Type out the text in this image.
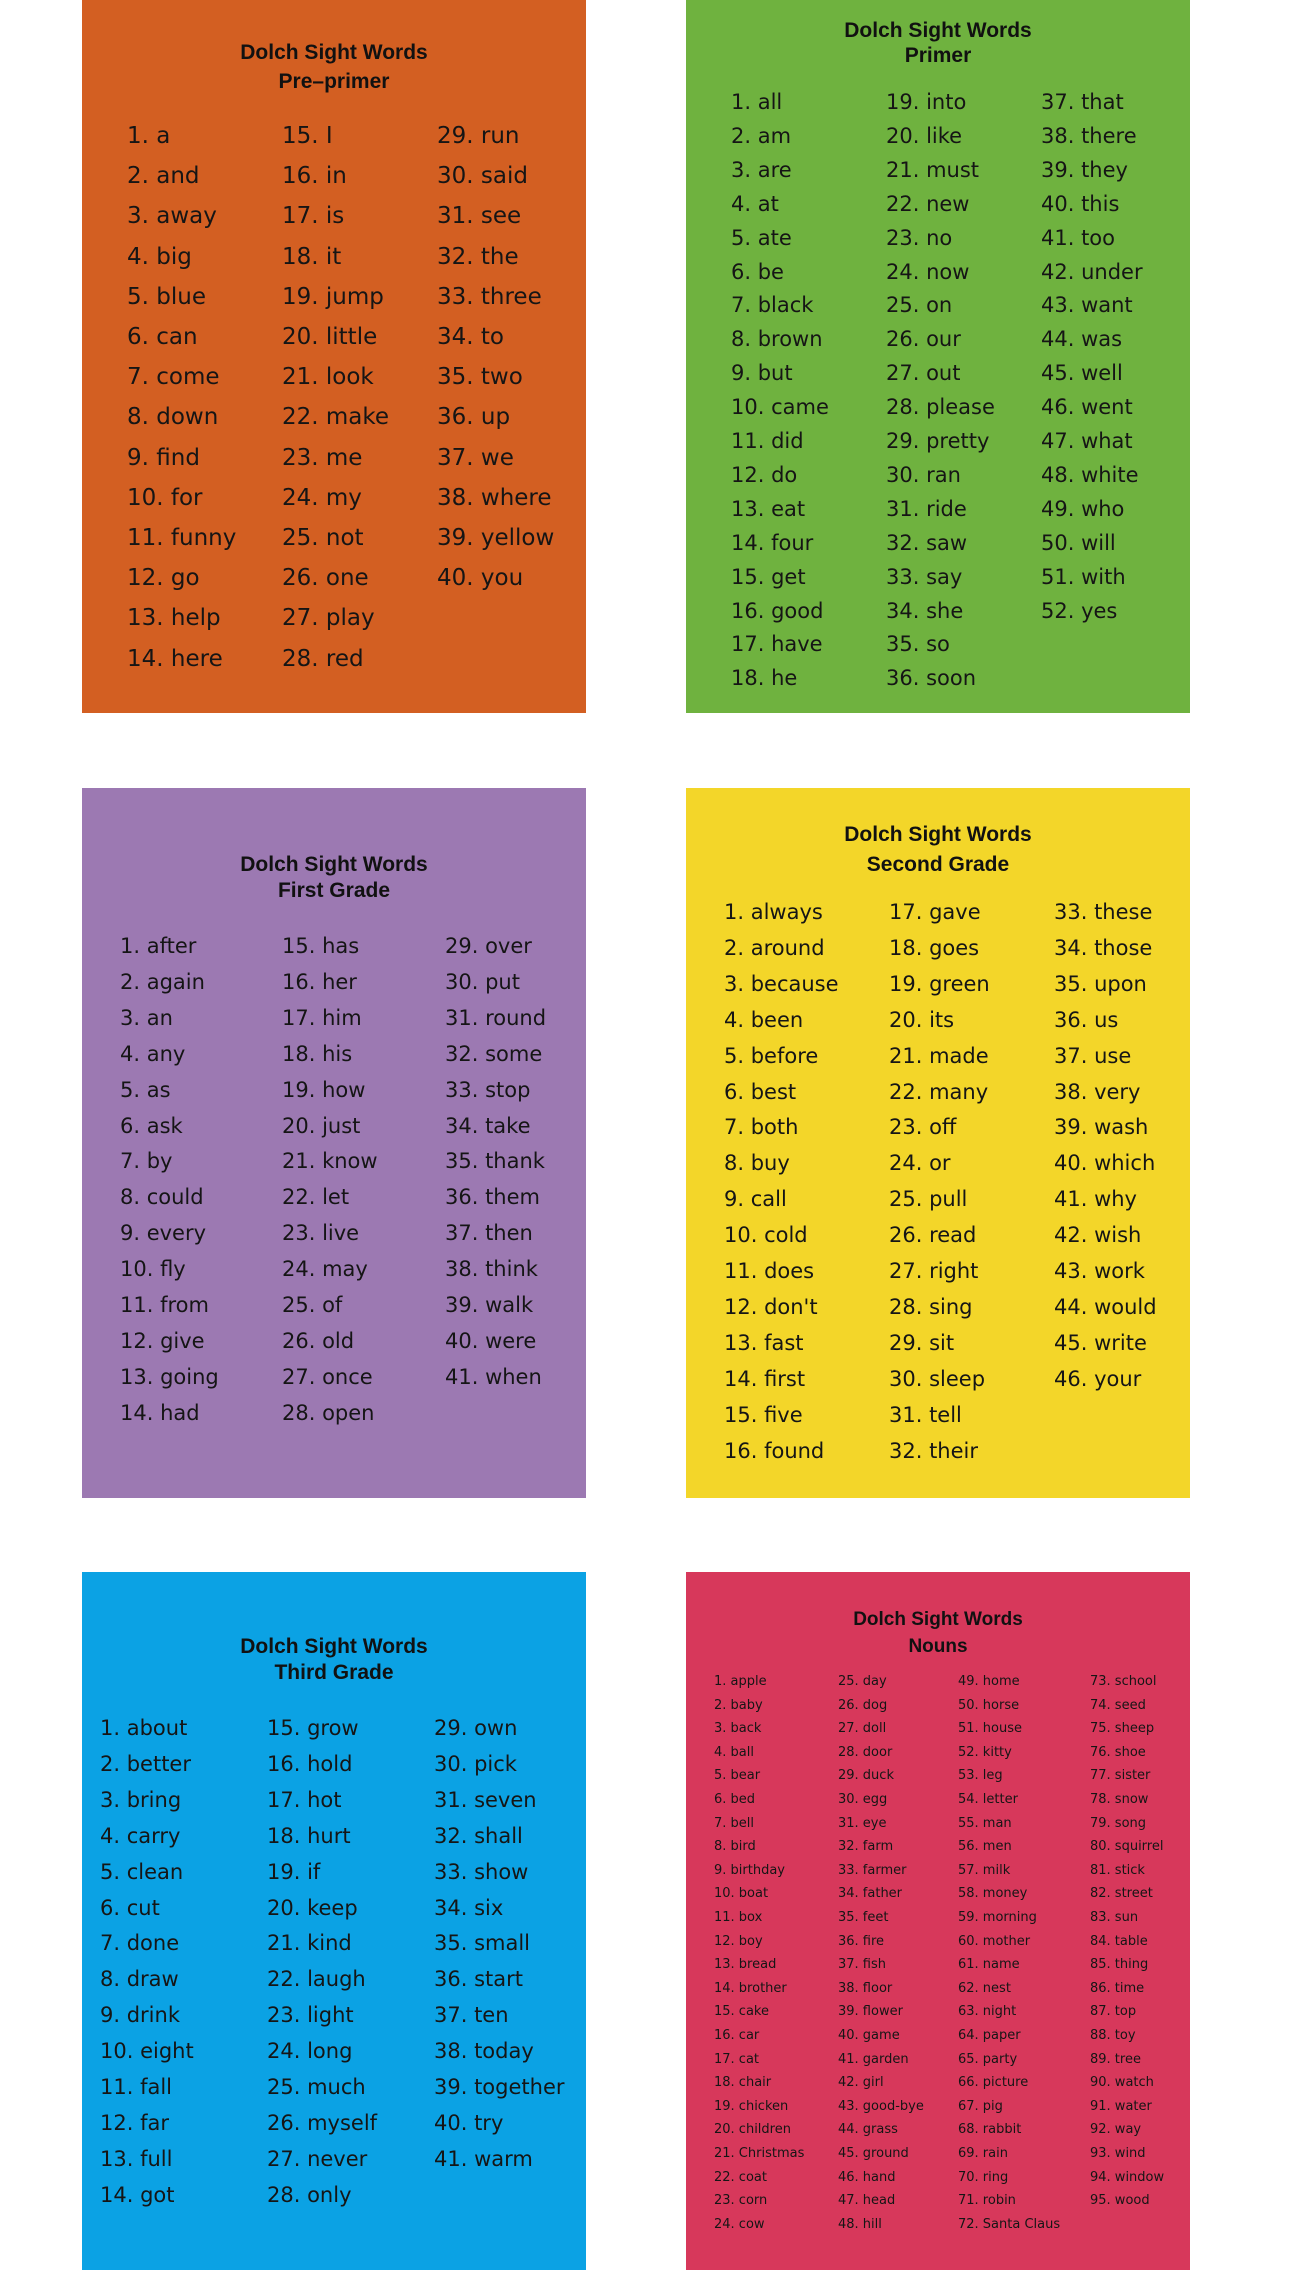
Dolch Sight Words
Pre–primer
1. a
2. and
3. away
4. big
5. blue
6. can
7. come
8. down
9. find
10. for
11. funny
12. go
13. help
14. here
15. I
16. in
17. is
18. it
19. jump
20. little
21. look
22. make
23. me
24. my
25. not
26. one
27. play
28. red
29. run
30. said
31. see
32. the
33. three
34. to
35. two
36. up
37. we
38. where
39. yellow
40. you
Dolch Sight Words
Primer
1. all
2. am
3. are
4. at
5. ate
6. be
7. black
8. brown
9. but
10. came
11. did
12. do
13. eat
14. four
15. get
16. good
17. have
18. he
19. into
20. like
21. must
22. new
23. no
24. now
25. on
26. our
27. out
28. please
29. pretty
30. ran
31. ride
32. saw
33. say
34. she
35. so
36. soon
37. that
38. there
39. they
40. this
41. too
42. under
43. want
44. was
45. well
46. went
47. what
48. white
49. who
50. will
51. with
52. yes
Dolch Sight Words
First Grade
1. after
2. again
3. an
4. any
5. as
6. ask
7. by
8. could
9. every
10. fly
11. from
12. give
13. going
14. had
15. has
16. her
17. him
18. his
19. how
20. just
21. know
22. let
23. live
24. may
25. of
26. old
27. once
28. open
29. over
30. put
31. round
32. some
33. stop
34. take
35. thank
36. them
37. then
38. think
39. walk
40. were
41. when
Dolch Sight Words
Second Grade
1. always
2. around
3. because
4. been
5. before
6. best
7. both
8. buy
9. call
10. cold
11. does
12. don't
13. fast
14. first
15. five
16. found
17. gave
18. goes
19. green
20. its
21. made
22. many
23. off
24. or
25. pull
26. read
27. right
28. sing
29. sit
30. sleep
31. tell
32. their
33. these
34. those
35. upon
36. us
37. use
38. very
39. wash
40. which
41. why
42. wish
43. work
44. would
45. write
46. your
Dolch Sight Words
Third Grade
1. about
2. better
3. bring
4. carry
5. clean
6. cut
7. done
8. draw
9. drink
10. eight
11. fall
12. far
13. full
14. got
15. grow
16. hold
17. hot
18. hurt
19. if
20. keep
21. kind
22. laugh
23. light
24. long
25. much
26. myself
27. never
28. only
29. own
30. pick
31. seven
32. shall
33. show
34. six
35. small
36. start
37. ten
38. today
39. together
40. try
41. warm
Dolch Sight Words
Nouns
1. apple
2. baby
3. back
4. ball
5. bear
6. bed
7. bell
8. bird
9. birthday
10. boat
11. box
12. boy
13. bread
14. brother
15. cake
16. car
17. cat
18. chair
19. chicken
20. children
21. Christmas
22. coat
23. corn
24. cow
25. day
26. dog
27. doll
28. door
29. duck
30. egg
31. eye
32. farm
33. farmer
34. father
35. feet
36. fire
37. fish
38. floor
39. flower
40. game
41. garden
42. girl
43. good-bye
44. grass
45. ground
46. hand
47. head
48. hill
49. home
50. horse
51. house
52. kitty
53. leg
54. letter
55. man
56. men
57. milk
58. money
59. morning
60. mother
61. name
62. nest
63. night
64. paper
65. party
66. picture
67. pig
68. rabbit
69. rain
70. ring
71. robin
72. Santa Claus
73. school
74. seed
75. sheep
76. shoe
77. sister
78. snow
79. song
80. squirrel
81. stick
82. street
83. sun
84. table
85. thing
86. time
87. top
88. toy
89. tree
90. watch
91. water
92. way
93. wind
94. window
95. wood
